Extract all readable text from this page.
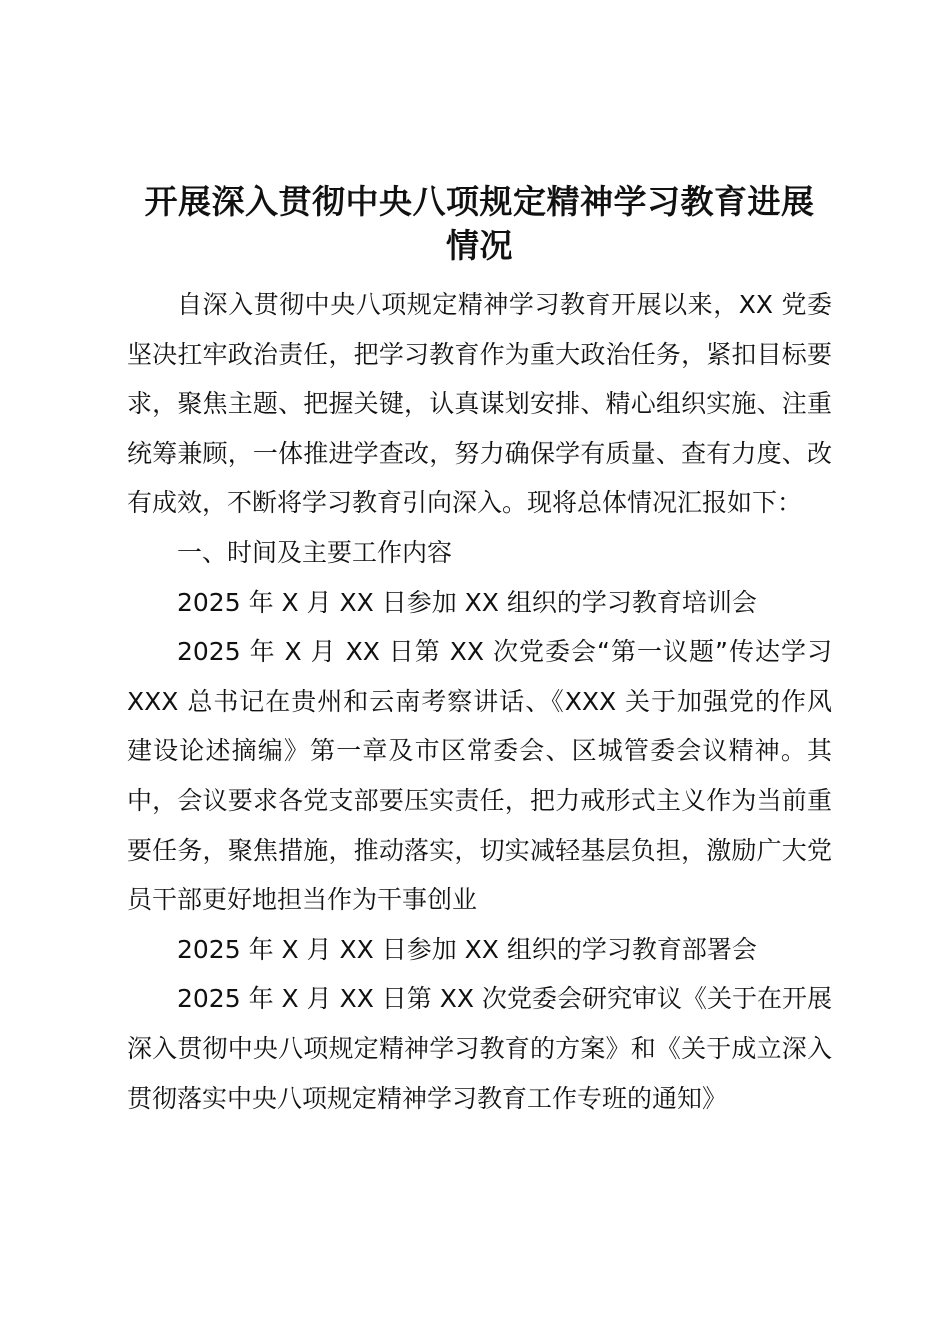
开展深入贯彻中央八项规定精神学习教育进展
情况

自深入贯彻中央八项规定精神学习教育开展以来，XX 党委坚决扛牢政治责任，把学习教育作为重大政治任务，紧扣目标要求，聚焦主题、把握关键，认真谋划安排、精心组织实施、注重统筹兼顾，一体推进学查改，努力确保学有质量、查有力度、改有成效，不断将学习教育引向深入。现将总体情况汇报如下：

一、时间及主要工作内容

2025 年 X 月 XX 日参加 XX 组织的学习教育培训会

2025 年 X 月 XX 日第 XX 次党委会“第一议题”传达学习 XXX 总书记在贵州和云南考察讲话、《XXX 关于加强党的作风建设论述摘编》第一章及市区常委会、区城管委会议精神。其中，会议要求各党支部要压实责任，把力戒形式主义作为当前重要任务，聚焦措施，推动落实，切实减轻基层负担，激励广大党员干部更好地担当作为干事创业

2025 年 X 月 XX 日参加 XX 组织的学习教育部署会

2025 年 X 月 XX 日第 XX 次党委会研究审议《关于在开展深入贯彻中央八项规定精神学习教育的方案》和《关于成立深入贯彻落实中央八项规定精神学习教育工作专班的通知》
